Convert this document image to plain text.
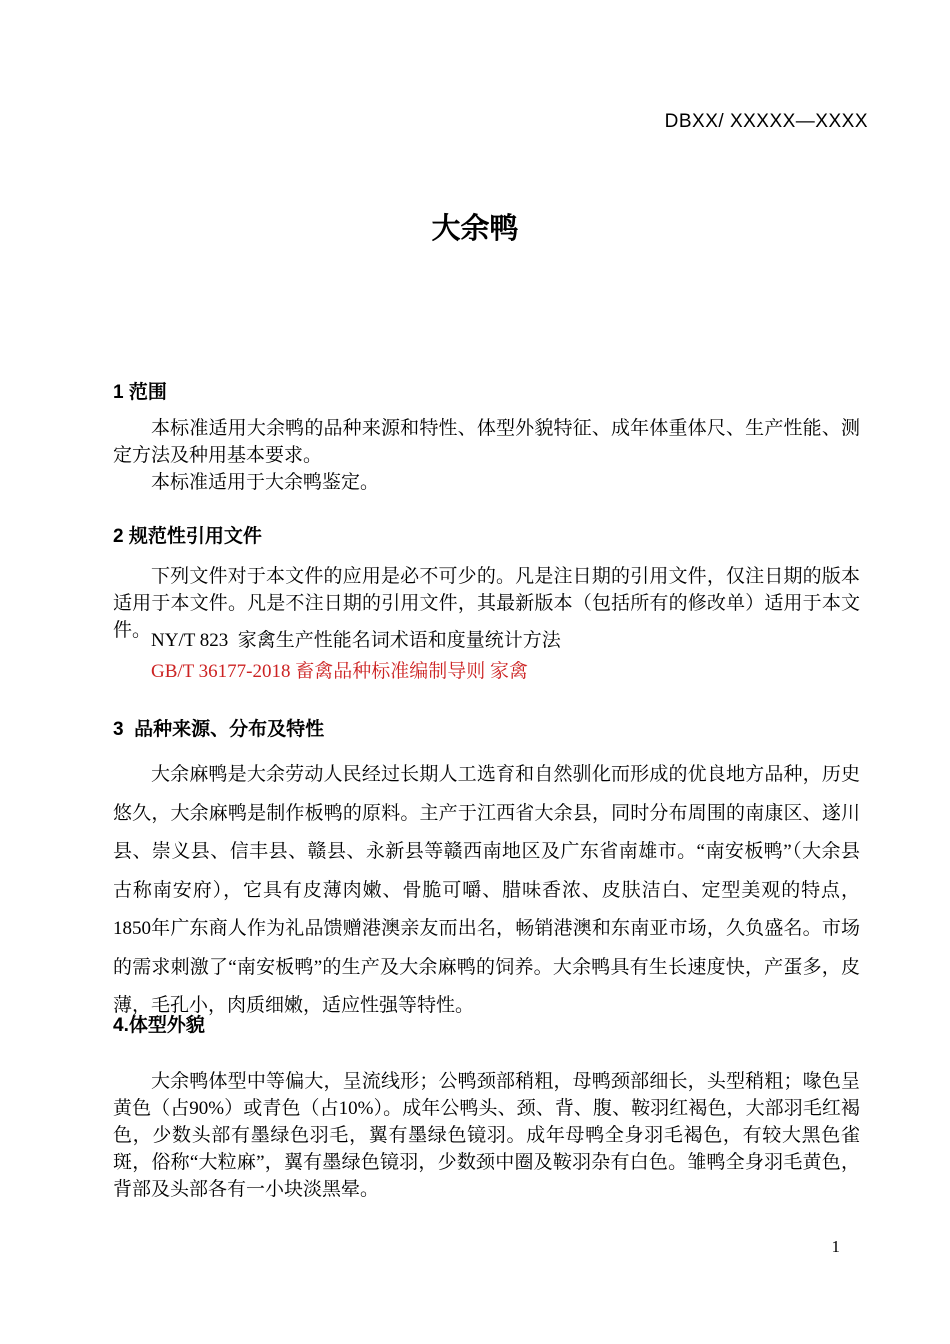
DBXX/ XXXXX—XXXX
大余鸭
1 范围

本标准适用大余鸭的品种来源和特性、体型外貌特征、成年体重体尺、生产性能、测定方法及种用基本要求。

本标准适用于大余鸭鉴定。

2 规范性引用文件

下列文件对于本文件的应用是必不可少的。凡是注日期的引用文件，仅注日期的版本适用于本文件。凡是不注日期的引用文件，其最新版本（包括所有的修改单）适用于本文件。 NY/T 823  家禽生产性能名词术语和度量统计方法
GB/T 36177-2018 畜禽品种标准编制导则 家禽
3  品种来源、分布及特性

大余麻鸭是大余劳动人民经过长期人工选育和自然驯化而形成的优良地方品种，历史悠久，大余麻鸭是制作板鸭的原料。主产于江西省大余县，同时分布周围的南康区、遂川县、崇义县、信丰县、赣县、永新县等赣西南地区及广东省南雄市。“南安板鸭”（大余县古称南安府），它具有皮薄肉嫩、骨脆可嚼、腊味香浓、皮肤洁白、定型美观的特点，1850年广东商人作为礼品馈赠港澳亲友而出名，畅销港澳和东南亚市场，久负盛名。市场的需求刺激了“南安板鸭”的生产及大余麻鸭的饲养。大余鸭具有生长速度快，产蛋多，皮薄，毛孔小，肉质细嫩，适应性强等特性。

4.体型外貌

大余鸭体型中等偏大，呈流线形；公鸭颈部稍粗，母鸭颈部细长，头型稍粗；喙色呈黄色（占90%）或青色（占10%）。成年公鸭头、颈、背、腹、鞍羽红褐色，大部羽毛红褐色，少数头部有墨绿色羽毛，翼有墨绿色镜羽。成年母鸭全身羽毛褐色，有较大黑色雀斑，俗称“大粒麻”，翼有墨绿色镜羽，少数颈中圈及鞍羽杂有白色。雏鸭全身羽毛黄色，背部及头部各有一小块淡黑晕。

1
